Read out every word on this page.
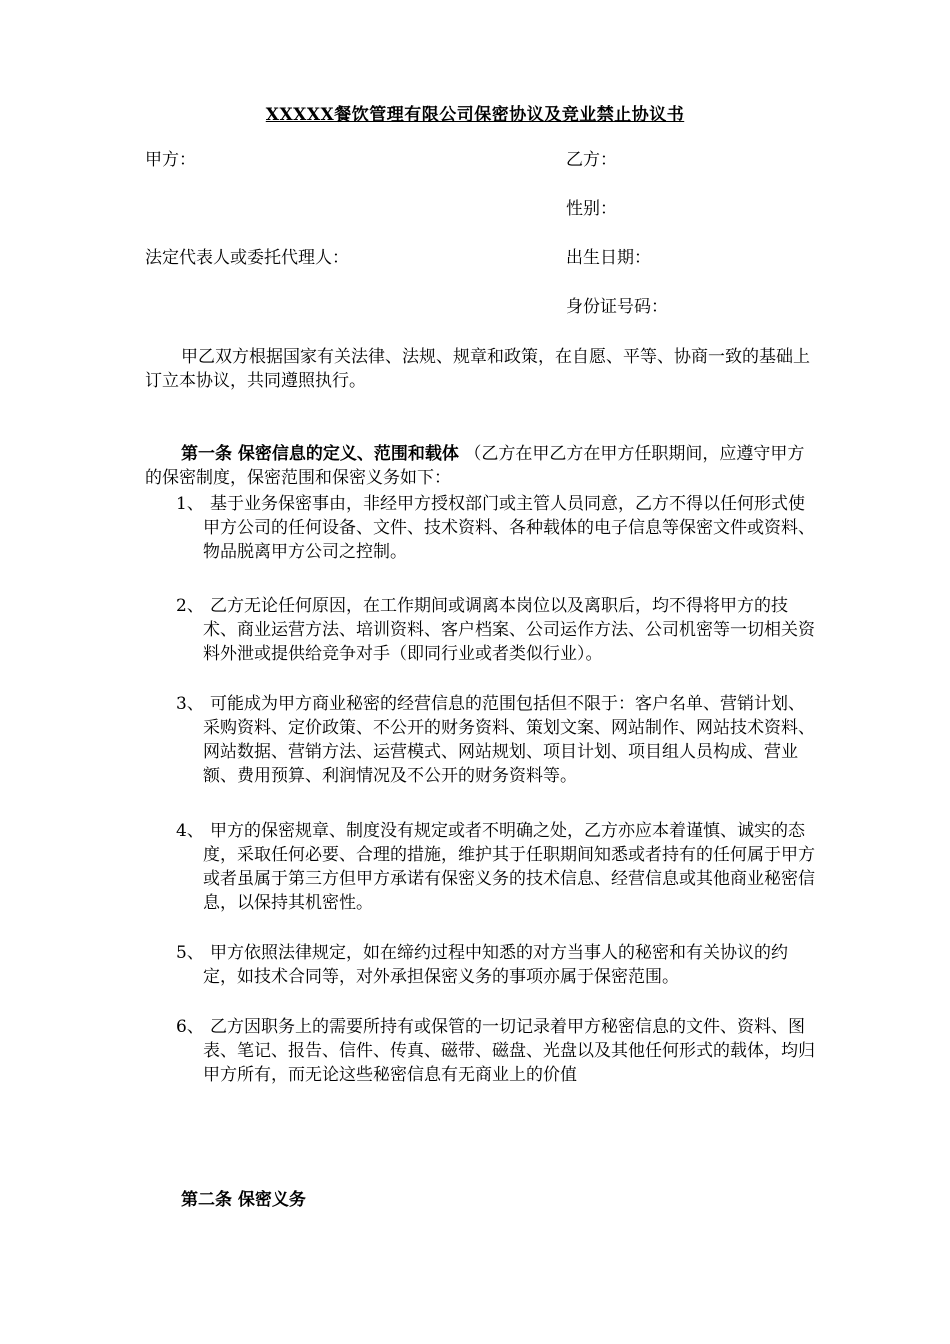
XXXXX餐饮管理有限公司保密协议及竞业禁止协议书
甲方：	乙方：
性别：
法定代表人或委托代理人：	出生日期：
身份证号码：
甲乙双方根据国家有关法律、法规、规章和政策，在自愿、平等、协商一致的基础上订立本协议，共同遵照执行。
第一条 保密信息的定义、范围和载体 （乙方在甲乙方在甲方任职期间，应遵守甲方的保密制度，保密范围和保密义务如下：
1、 基于业务保密事由，非经甲方授权部门或主管人员同意，乙方不得以任何形式使甲方公司的任何设备、文件、技术资料、各种载体的电子信息等保密文件或资料、物品脱离甲方公司之控制。
2、 乙方无论任何原因，在工作期间或调离本岗位以及离职后，均不得将甲方的技术、商业运营方法、培训资料、客户档案、公司运作方法、公司机密等一切相关资料外泄或提供给竞争对手（即同行业或者类似行业）。
3、 可能成为甲方商业秘密的经营信息的范围包括但不限于：客户名单、营销计划、采购资料、定价政策、不公开的财务资料、策划文案、网站制作、网站技术资料、网站数据、营销方法、运营模式、网站规划、项目计划、项目组人员构成、营业额、费用预算、利润情况及不公开的财务资料等。
4、 甲方的保密规章、制度没有规定或者不明确之处，乙方亦应本着谨慎、诚实的态度，采取任何必要、合理的措施，维护其于任职期间知悉或者持有的任何属于甲方或者虽属于第三方但甲方承诺有保密义务的技术信息、经营信息或其他商业秘密信息，以保持其机密性。
5、 甲方依照法律规定，如在缔约过程中知悉的对方当事人的秘密和有关协议的约定，如技术合同等，对外承担保密义务的事项亦属于保密范围。
6、 乙方因职务上的需要所持有或保管的一切记录着甲方秘密信息的文件、资料、图表、笔记、报告、信件、传真、磁带、磁盘、光盘以及其他任何形式的载体，均归甲方所有，而无论这些秘密信息有无商业上的价值
第二条 保密义务
